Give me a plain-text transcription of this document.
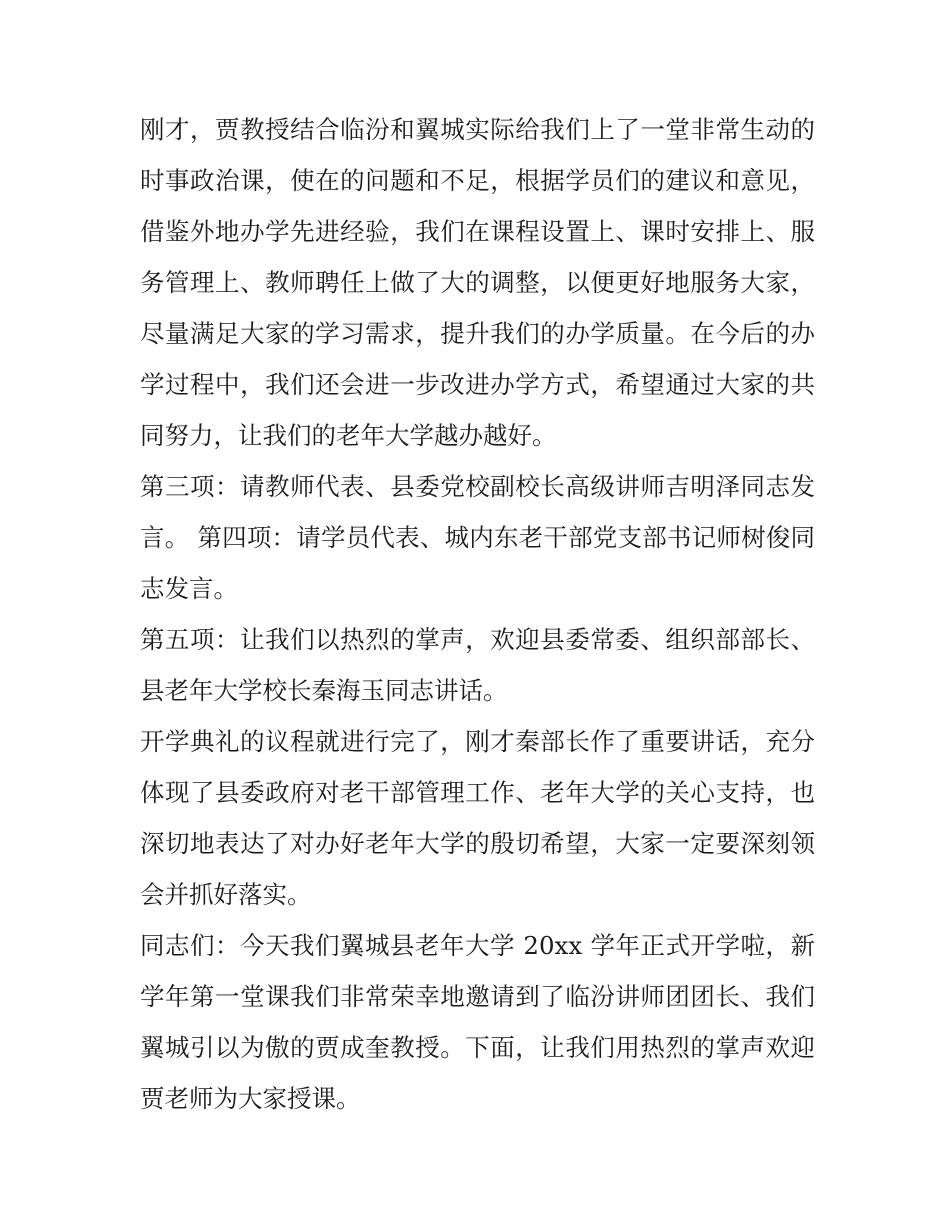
刚才，贾教授结合临汾和翼城实际给我们上了一堂非常生动的时事政治课，使在的问题和不足，根据学员们的建议和意见，借鉴外地办学先进经验，我们在课程设置上、课时安排上、服务管理上、教师聘任上做了大的调整，以便更好地服务大家，尽量满足大家的学习需求，提升我们的办学质量。在今后的办学过程中，我们还会进一步改进办学方式，希望通过大家的共同努力，让我们的老年大学越办越好。

第三项：请教师代表、县委党校副校长高级讲师吉明泽同志发言。 第四项：请学员代表、城内东老干部党支部书记师树俊同志发言。

第五项：让我们以热烈的掌声，欢迎县委常委、组织部部长、县老年大学校长秦海玉同志讲话。

开学典礼的议程就进行完了，刚才秦部长作了重要讲话，充分体现了县委政府对老干部管理工作、老年大学的关心支持，也深切地表达了对办好老年大学的殷切希望，大家一定要深刻领会并抓好落实。

同志们：今天我们翼城县老年大学 20xx 学年正式开学啦，新学年第一堂课我们非常荣幸地邀请到了临汾讲师团团长、我们翼城引以为傲的贾成奎教授。下面，让我们用热烈的掌声欢迎贾老师为大家授课。
